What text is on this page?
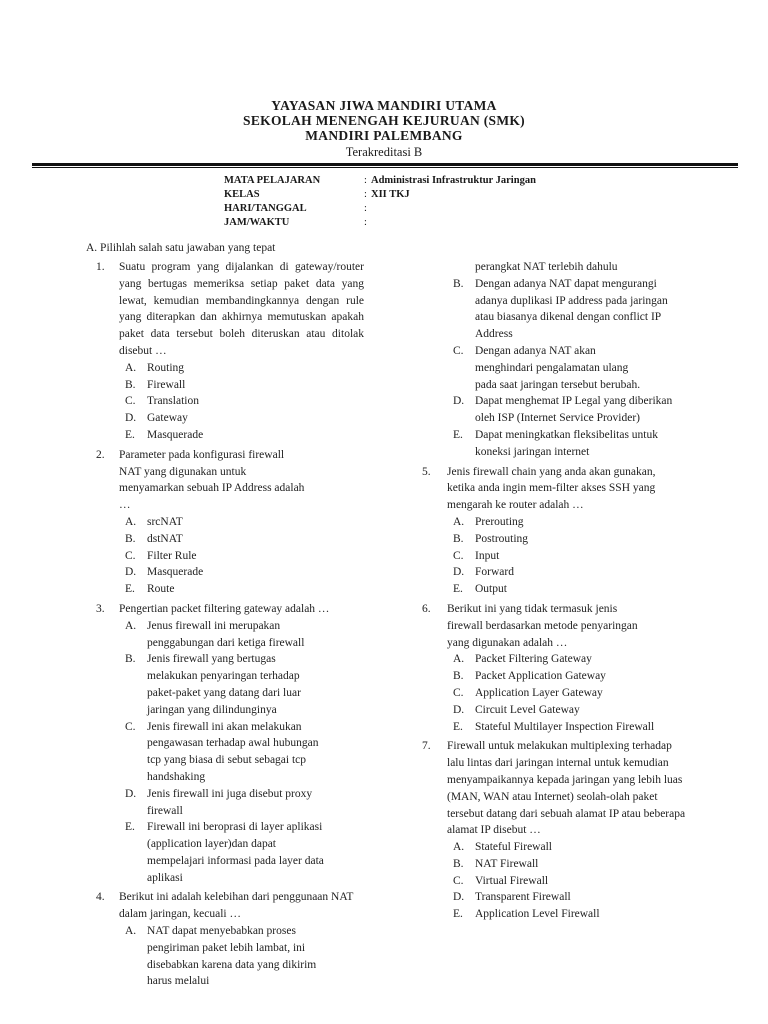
YAYASAN JIWA MANDIRI UTAMA
SEKOLAH MENENGAH KEJURUAN (SMK)
MANDIRI PALEMBANG
Terakreditasi B
MATA PELAJARAN	: Administrasi Infrastruktur Jaringan
KELAS	: XII TKJ
HARI/TANGGAL	:
JAM/WAKTU	:
A. Pilihlah salah satu jawaban yang tepat
1. Suatu program yang dijalankan di gateway/router yang bertugas memeriksa setiap paket data yang lewat, kemudian membandingkannya dengan rule yang diterapkan dan akhirnya memutuskan apakah paket data tersebut boleh diteruskan atau ditolak disebut …
A. Routing
B. Firewall
C. Translation
D. Gateway
E. Masquerade
2. Parameter pada konfigurasi firewall NAT yang digunakan untuk menyamarkan sebuah IP Address adalah …
A. srcNAT
B. dstNAT
C. Filter Rule
D. Masquerade
E. Route
3. Pengertian packet filtering gateway adalah …
A. Jenus firewall ini merupakan penggabungan dari ketiga firewall
B. Jenis firewall yang bertugas melakukan penyaringan terhadap paket-paket yang datang dari luar jaringan yang dilindunginya
C. Jenis firewall ini akan melakukan pengawasan terhadap awal hubungan tcp yang biasa di sebut sebagai tcp handshaking
D. Jenis firewall ini juga disebut proxy firewall
E. Firewall ini beroprasi di layer aplikasi (application layer)dan dapat mempelajari informasi pada layer data aplikasi
4. Berikut ini adalah kelebihan dari penggunaan NAT dalam jaringan, kecuali …
A. NAT dapat menyebabkan proses pengiriman paket lebih lambat, ini disebabkan karena data yang dikirim harus melalui
perangkat NAT terlebih dahulu
B. Dengan adanya NAT dapat mengurangi adanya duplikasi IP address pada jaringan atau biasanya dikenal dengan conflict IP Address
C. Dengan adanya NAT akan menghindari pengalamatan ulang pada saat jaringan tersebut berubah.
D. Dapat menghemat IP Legal yang diberikan oleh ISP (Internet Service Provider)
E. Dapat meningkatkan fleksibelitas untuk koneksi jaringan internet
5. Jenis firewall chain yang anda akan gunakan, ketika anda ingin mem-filter akses SSH yang mengarah ke router adalah …
A. Prerouting
B. Postrouting
C. Input
D. Forward
E. Output
6. Berikut ini yang tidak termasuk jenis firewall berdasarkan metode penyaringan yang digunakan adalah …
A. Packet Filtering Gateway
B. Packet Application Gateway
C. Application Layer Gateway
D. Circuit Level Gateway
E. Stateful Multilayer Inspection Firewall
7. Firewall untuk melakukan multiplexing terhadap lalu lintas dari jaringan internal untuk kemudian menyampaikannya kepada jaringan yang lebih luas (MAN, WAN atau Internet) seolah-olah paket tersebut datang dari sebuah alamat IP atau beberapa alamat IP disebut …
A. Stateful Firewall
B. NAT Firewall
C. Virtual Firewall
D. Transparent Firewall
E. Application Level Firewall
